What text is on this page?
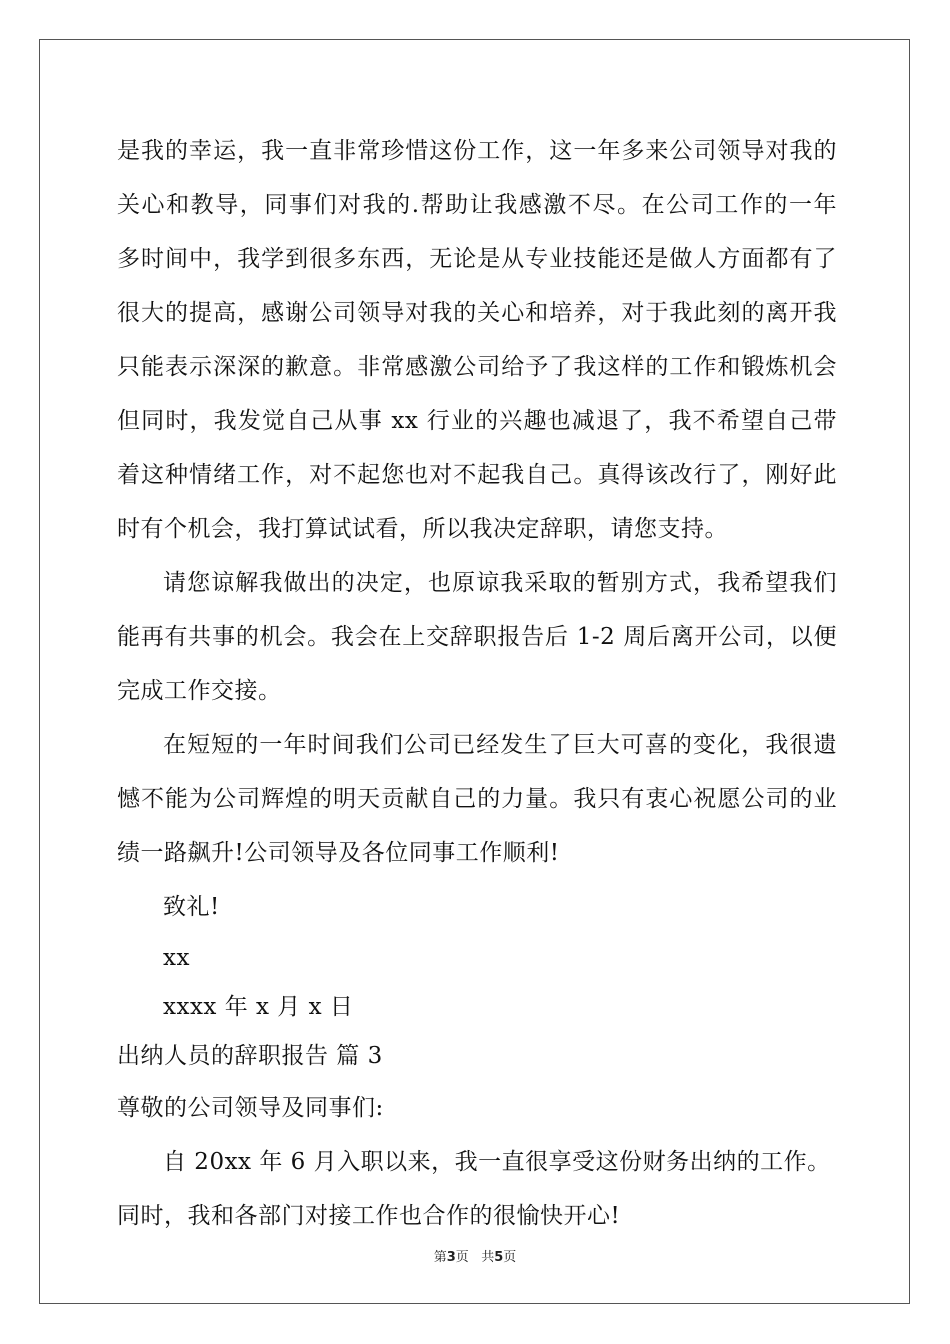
是我的幸运，我一直非常珍惜这份工作，这一年多来公司领导对我的
关心和教导，同事们对我的.帮助让我感激不尽。在公司工作的一年
多时间中，我学到很多东西，无论是从专业技能还是做人方面都有了
很大的提高，感谢公司领导对我的关心和培养，对于我此刻的离开我
只能表示深深的歉意。非常感激公司给予了我这样的工作和锻炼机会
但同时，我发觉自己从事 xx 行业的兴趣也减退了，我不希望自己带
着这种情绪工作，对不起您也对不起我自己。真得该改行了，刚好此
时有个机会，我打算试试看，所以我决定辞职，请您支持。
请您谅解我做出的决定，也原谅我采取的暂别方式，我希望我们
能再有共事的机会。我会在上交辞职报告后 1-2 周后离开公司，以便
完成工作交接。
在短短的一年时间我们公司已经发生了巨大可喜的变化，我很遗
憾不能为公司辉煌的明天贡献自己的力量。我只有衷心祝愿公司的业
绩一路飙升!公司领导及各位同事工作顺利!
致礼!
xx
xxxx 年 x 月 x 日
出纳人员的辞职报告 篇 3
尊敬的公司领导及同事们:
自 20xx 年 6 月入职以来，我一直很享受这份财务出纳的工作。
同时，我和各部门对接工作也合作的很愉快开心!
第3页 共5页
